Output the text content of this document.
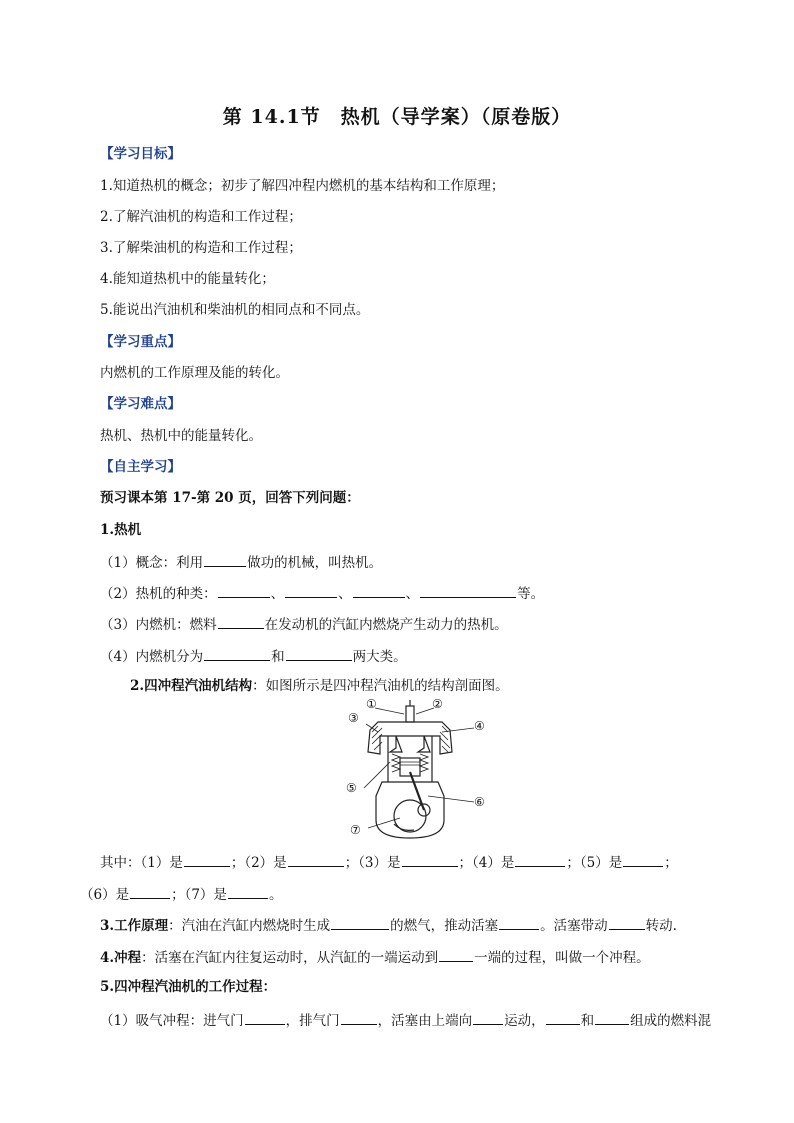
第 14.1节　热机（导学案）（原卷版）
【学习目标】
1.知道热机的概念；初步了解四冲程内燃机的基本结构和工作原理；
2.了解汽油机的构造和工作过程；
3.了解柴油机的构造和工作过程；
4.能知道热机中的能量转化；
5.能说出汽油机和柴油机的相同点和不同点。
【学习重点】
内燃机的工作原理及能的转化。
【学习难点】
热机、热机中的能量转化。
【自主学习】
预习课本第 17-第 20 页，回答下列问题：
1.热机
（1）概念：利用	做功的机械，叫热机。
（2）热机的种类：	、	、	、	等。
（3）内燃机：燃料	在发动机的汽缸内燃烧产生动力的热机。
（4）内燃机分为	和	两大类。
2.四冲程汽油机结构：如图所示是四冲程汽油机的结构剖面图。
③
①	②
④
⑤
⑥
⑦
其中：（1）是	；（2）是	；（3）是	；（4）是	；（5）是	；
（6）是	；（7）是	。
3.工作原理：汽油在汽缸内燃烧时生成	的燃气，推动活塞	。活塞带动	转动.
4.冲程：活塞在汽缸内往复运动时，从汽缸的一端运动到	一端的过程，叫做一个冲程。
5.四冲程汽油机的工作过程：
（1）吸气冲程：进气门	，排气门	，活塞由上端向 运动，	和	组成的燃料混
